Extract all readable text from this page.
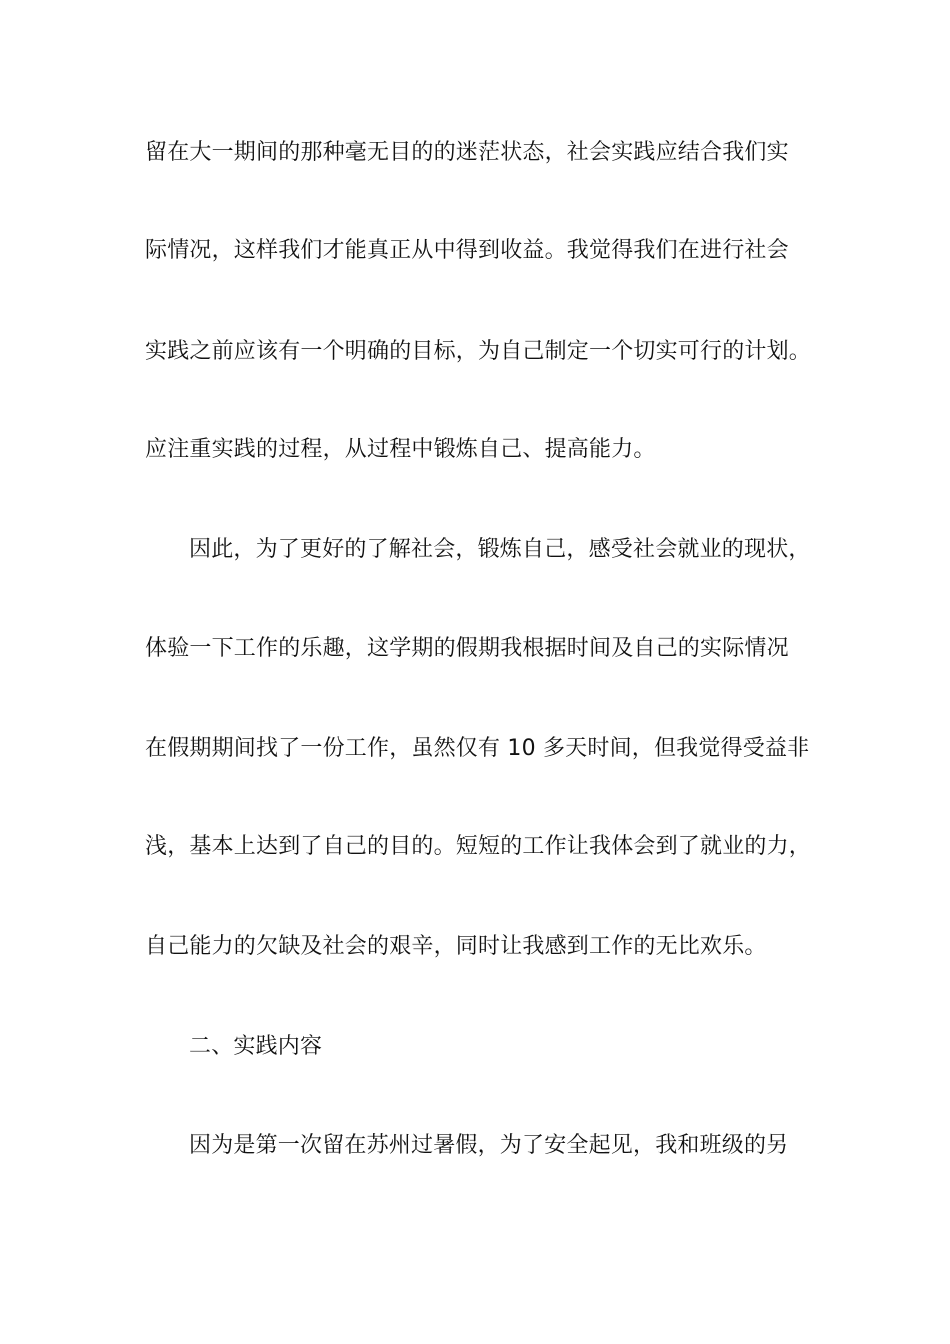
留在大一期间的那种毫无目的的迷茫状态，社会实践应结合我们实
际情况，这样我们才能真正从中得到收益。我觉得我们在进行社会
实践之前应该有一个明确的目标，为自己制定一个切实可行的计划。
应注重实践的过程，从过程中锻炼自己、提高能力。
因此，为了更好的了解社会，锻炼自己，感受社会就业的现状，
体验一下工作的乐趣，这学期的假期我根据时间及自己的实际情况
在假期期间找了一份工作，虽然仅有 10 多天时间，但我觉得受益非
浅，基本上达到了自己的目的。短短的工作让我体会到了就业的力，
自己能力的欠缺及社会的艰辛，同时让我感到工作的无比欢乐。
二、实践内容
因为是第一次留在苏州过暑假，为了安全起见，我和班级的另
